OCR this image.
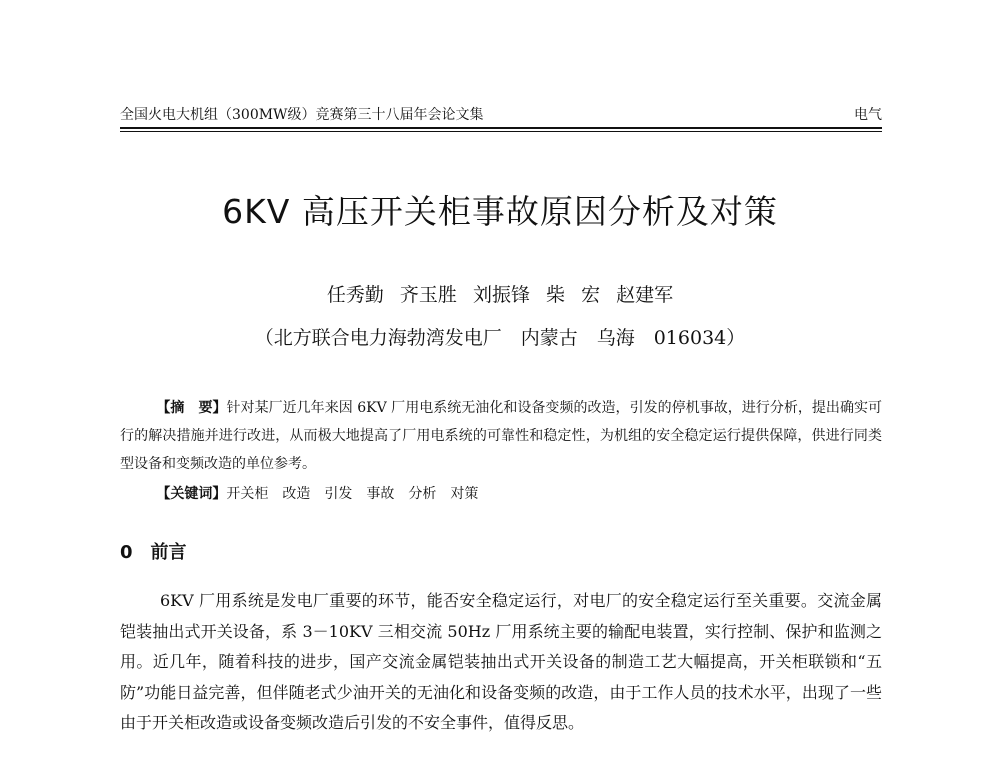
全国火电大机组（300MW级）竞赛第三十八届年会论文集	电气
6KV 高压开关柜事故原因分析及对策
任秀勤 齐玉胜 刘振锋 柴 宏 赵建军
（北方联合电力海勃湾发电厂　内蒙古　乌海　016034）

【摘　要】针对某厂近几年来因 6KV 厂用电系统无油化和设备变频的改造，引发的停机事故，进行分析，提出确实可行的解决措施并进行改进，从而极大地提高了厂用电系统的可靠性和稳定性，为机组的安全稳定运行提供保障，供进行同类型设备和变频改造的单位参考。

【关键词】开关柜 改造 引发 事故 分析 对策

0 前言

6KV 厂用系统是发电厂重要的环节，能否安全稳定运行，对电厂的安全稳定运行至关重要。交流金属铠装抽出式开关设备，系 3－10KV 三相交流 50Hz 厂用系统主要的输配电装置，实行控制、保护和监测之用。近几年，随着科技的进步，国产交流金属铠装抽出式开关设备的制造工艺大幅提高，开关柜联锁和“五防”功能日益完善，但伴随老式少油开关的无油化和设备变频的改造，由于工作人员的技术水平，出现了一些由于开关柜改造或设备变频改造后引发的不安全事件，值得反思。
